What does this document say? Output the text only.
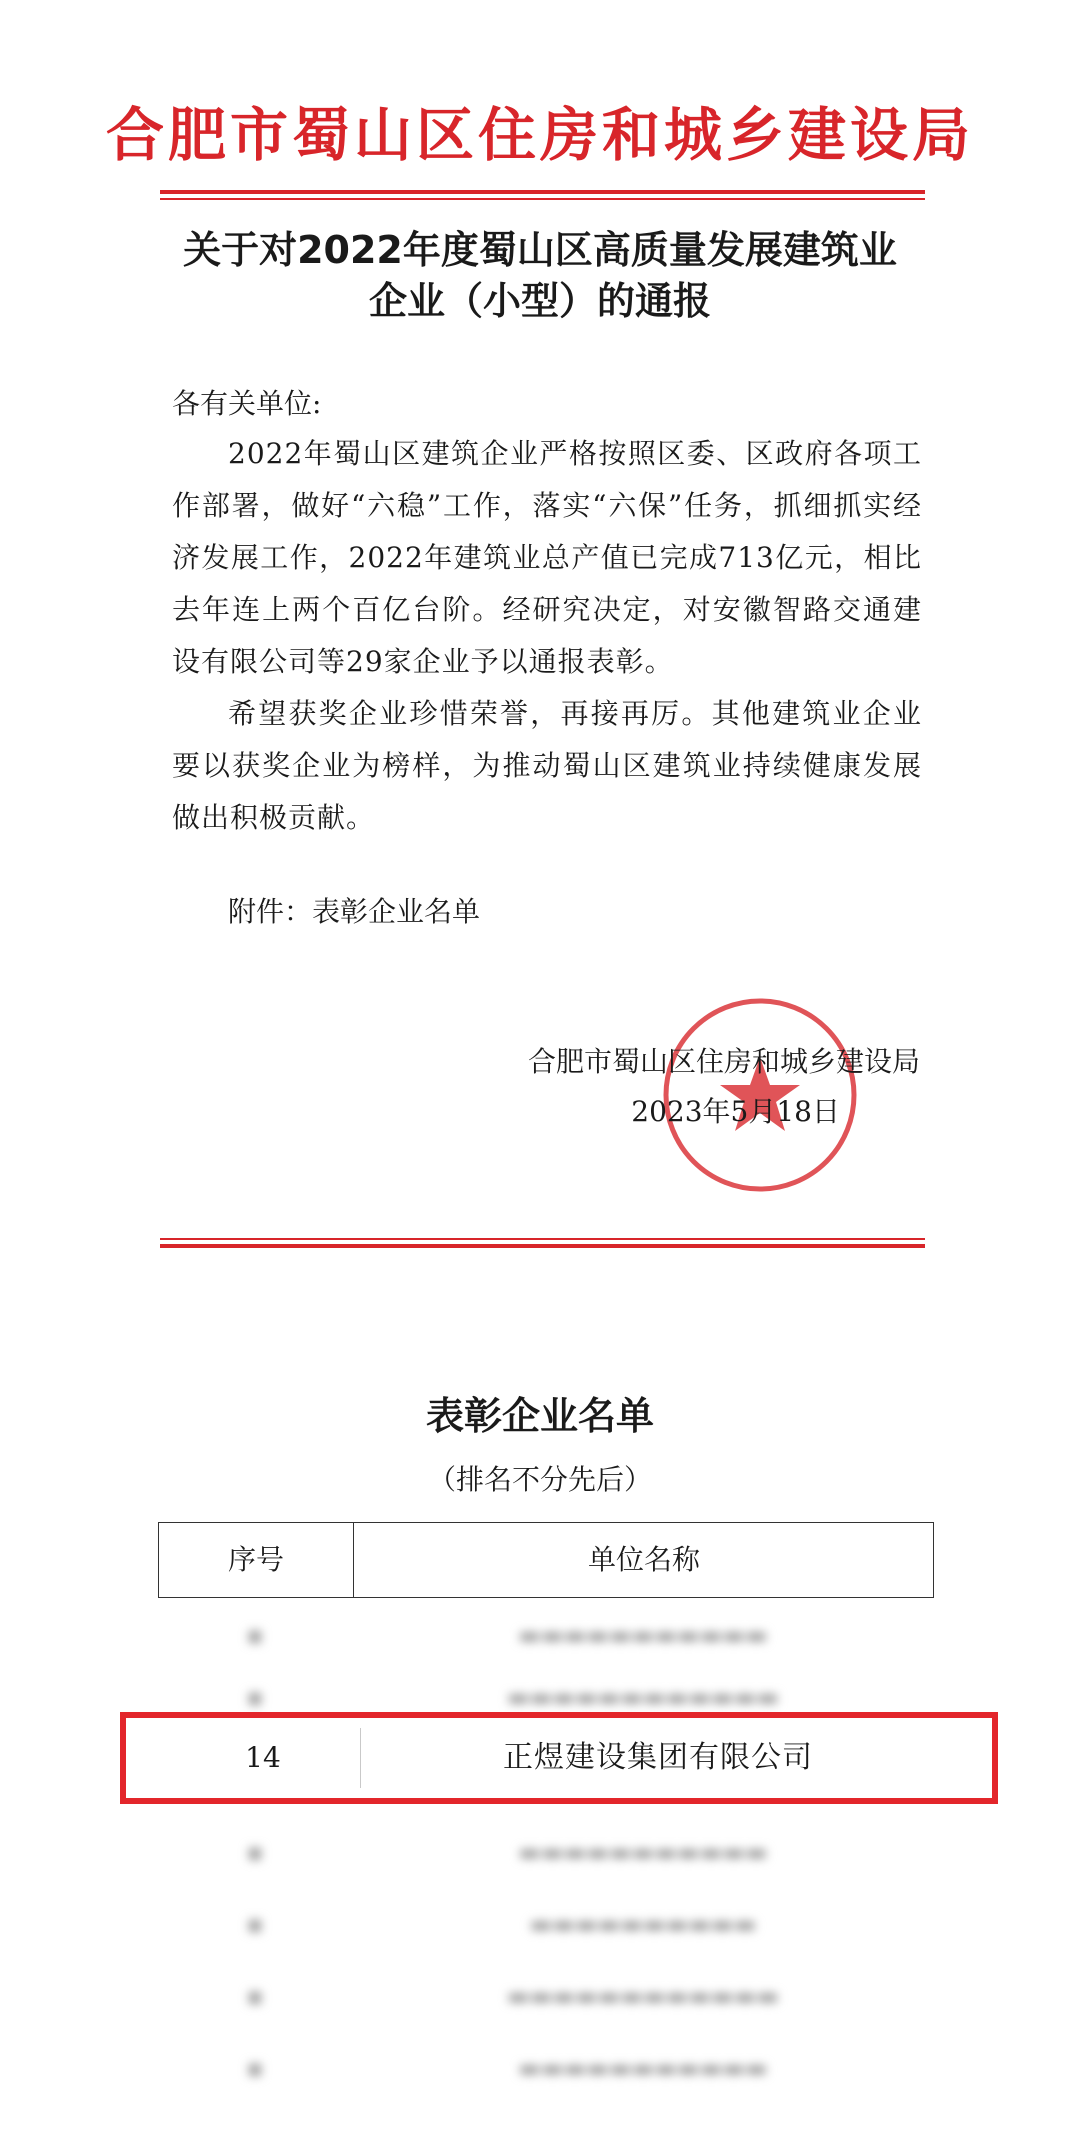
合肥市蜀山区住房和城乡建设局
关于对2022年度蜀山区高质量发展建筑业
企业（小型）的通报
各有关单位:

2022年蜀山区建筑企业严格按照区委、区政府各项工作部署，做好“六稳”工作，落实“六保”任务，抓细抓实经济发展工作，2022年建筑业总产值已完成713亿元，相比去年连上两个百亿台阶。经研究决定，对安徽智路交通建设有限公司等29家企业予以通报表彰。

希望获奖企业珍惜荣誉，再接再厉。其他建筑业企业要以获奖企业为榜样，为推动蜀山区建筑业持续健康发展做出积极贡献。

附件：表彰企业名单
合肥市蜀山区住房和城乡建设局
2023年5月18日
表彰企业名单
（排名不分先后）
序号	单位名称
▪	▬▬▬▬▬▬▬▬▬▬▬
▪	▬▬▬▬▬▬▬▬▬▬▬▬
14	正煜建设集团有限公司
▪	▬▬▬▬▬▬▬▬▬▬▬
▪	▬▬▬▬▬▬▬▬▬▬
▪	▬▬▬▬▬▬▬▬▬▬▬▬
▪	▬▬▬▬▬▬▬▬▬▬▬
